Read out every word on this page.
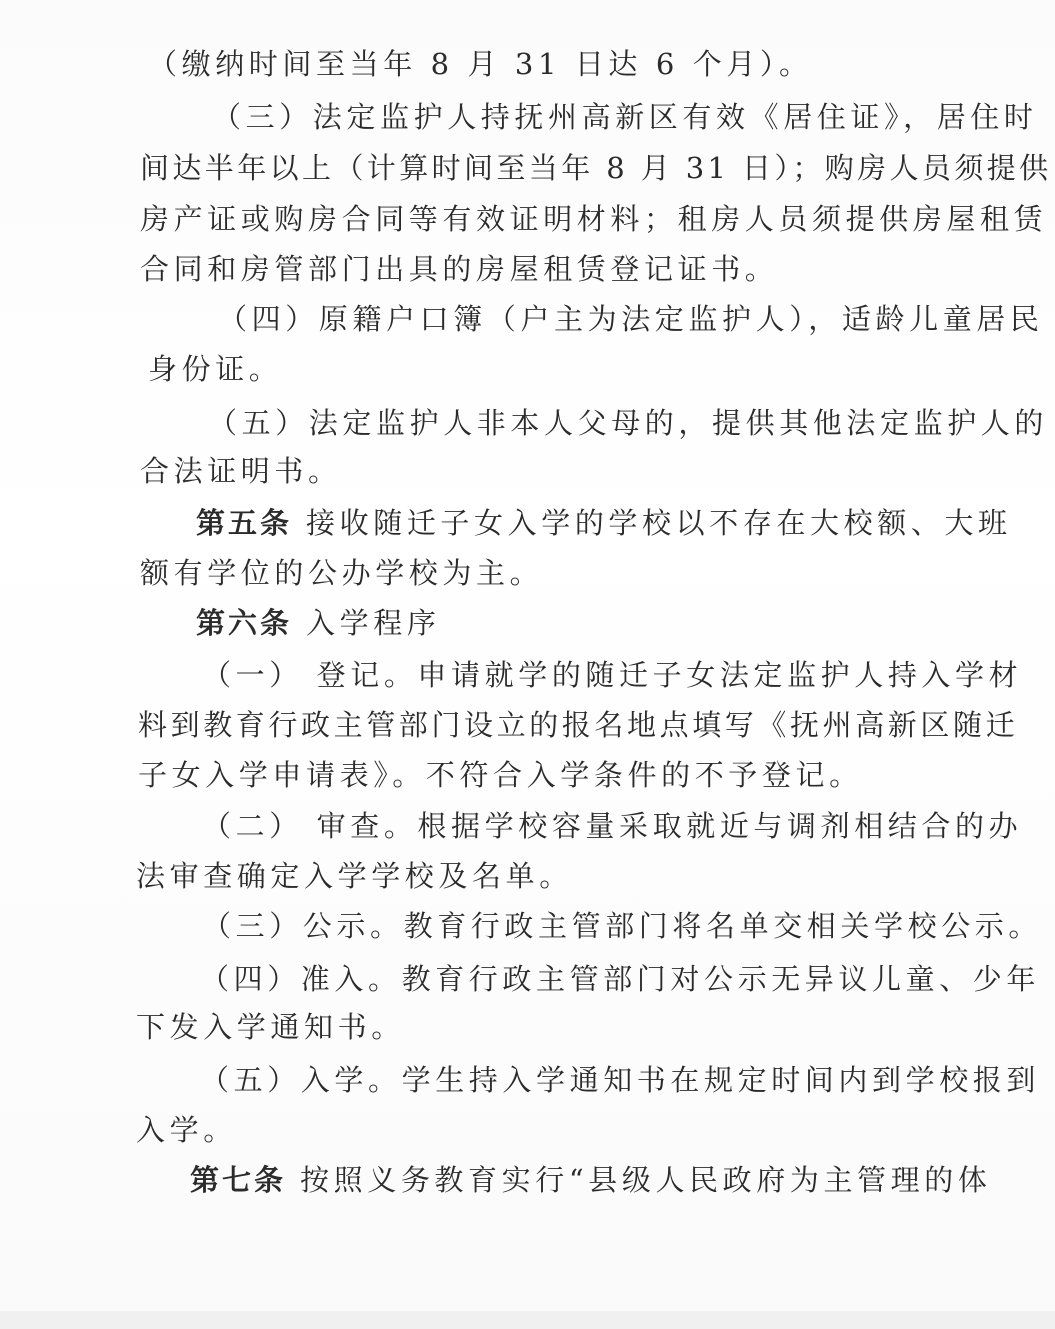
（缴纳时间至当年 8 月 31 日达 6 个月）。
（三）法定监护人持抚州高新区有效《居住证》，居住时
间达半年以上（计算时间至当年 8 月 31 日）；购房人员须提供
房产证或购房合同等有效证明材料；租房人员须提供房屋租赁
合同和房管部门出具的房屋租赁登记证书。
（四）原籍户口簿（户主为法定监护人），适龄儿童居民
身份证。
（五）法定监护人非本人父母的，提供其他法定监护人的
合法证明书。
第五条 接收随迁子女入学的学校以不存在大校额、大班
额有学位的公办学校为主。
第六条 入学程序
（一） 登记。申请就学的随迁子女法定监护人持入学材
料到教育行政主管部门设立的报名地点填写《抚州高新区随迁
子女入学申请表》。不符合入学条件的不予登记。
（二） 审查。根据学校容量采取就近与调剂相结合的办
法审查确定入学学校及名单。
（三）公示。教育行政主管部门将名单交相关学校公示。
（四）准入。教育行政主管部门对公示无异议儿童、少年
下发入学通知书。
（五）入学。学生持入学通知书在规定时间内到学校报到
入学。
第七条 按照义务教育实行“县级人民政府为主管理的体
